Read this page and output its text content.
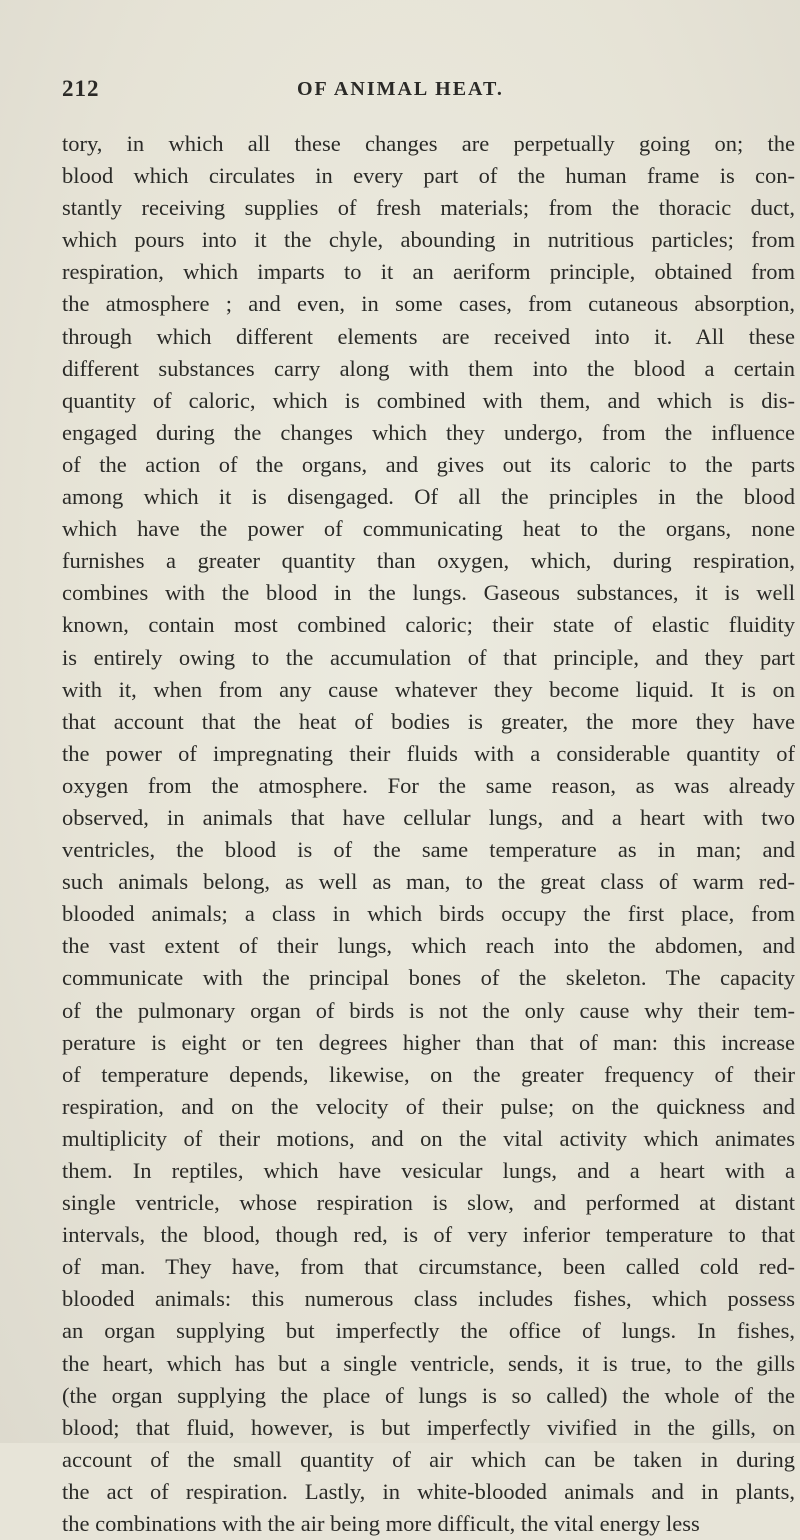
212	OF ANIMAL HEAT.
tory, in which all these changes are perpetually going on; the
blood which circulates in every part of the human frame is con-
stantly receiving supplies of fresh materials; from the thoracic duct,
which pours into it the chyle, abounding in nutritious particles; from
respiration, which imparts to it an aeriform principle, obtained from
the atmosphere ; and even, in some cases, from cutaneous absorption,
through which different elements are received into it. All these
different substances carry along with them into the blood a certain
quantity of caloric, which is combined with them, and which is dis-
engaged during the changes which they undergo, from the influence
of the action of the organs, and gives out its caloric to the parts
among which it is disengaged. Of all the principles in the blood
which have the power of communicating heat to the organs, none
furnishes a greater quantity than oxygen, which, during respiration,
combines with the blood in the lungs. Gaseous substances, it is well
known, contain most combined caloric; their state of elastic fluidity
is entirely owing to the accumulation of that principle, and they part
with it, when from any cause whatever they become liquid. It is on
that account that the heat of bodies is greater, the more they have
the power of impregnating their fluids with a considerable quantity of
oxygen from the atmosphere. For the same reason, as was already
observed, in animals that have cellular lungs, and a heart with two
ventricles, the blood is of the same temperature as in man; and
such animals belong, as well as man, to the great class of warm red-
blooded animals; a class in which birds occupy the first place, from
the vast extent of their lungs, which reach into the abdomen, and
communicate with the principal bones of the skeleton. The capacity
of the pulmonary organ of birds is not the only cause why their tem-
perature is eight or ten degrees higher than that of man: this increase
of temperature depends, likewise, on the greater frequency of their
respiration, and on the velocity of their pulse; on the quickness and
multiplicity of their motions, and on the vital activity which animates
them. In reptiles, which have vesicular lungs, and a heart with a
single ventricle, whose respiration is slow, and performed at distant
intervals, the blood, though red, is of very inferior temperature to that
of man. They have, from that circumstance, been called cold red-
blooded animals: this numerous class includes fishes, which possess
an organ supplying but imperfectly the office of lungs. In fishes,
the heart, which has but a single ventricle, sends, it is true, to the gills
(the organ supplying the place of lungs is so called) the whole of the
blood; that fluid, however, is but imperfectly vivified in the gills, on
account of the small quantity of air which can be taken in during
the act of respiration. Lastly, in white-blooded animals and in plants,
the combinations with the air being more difficult, the vital energy less
